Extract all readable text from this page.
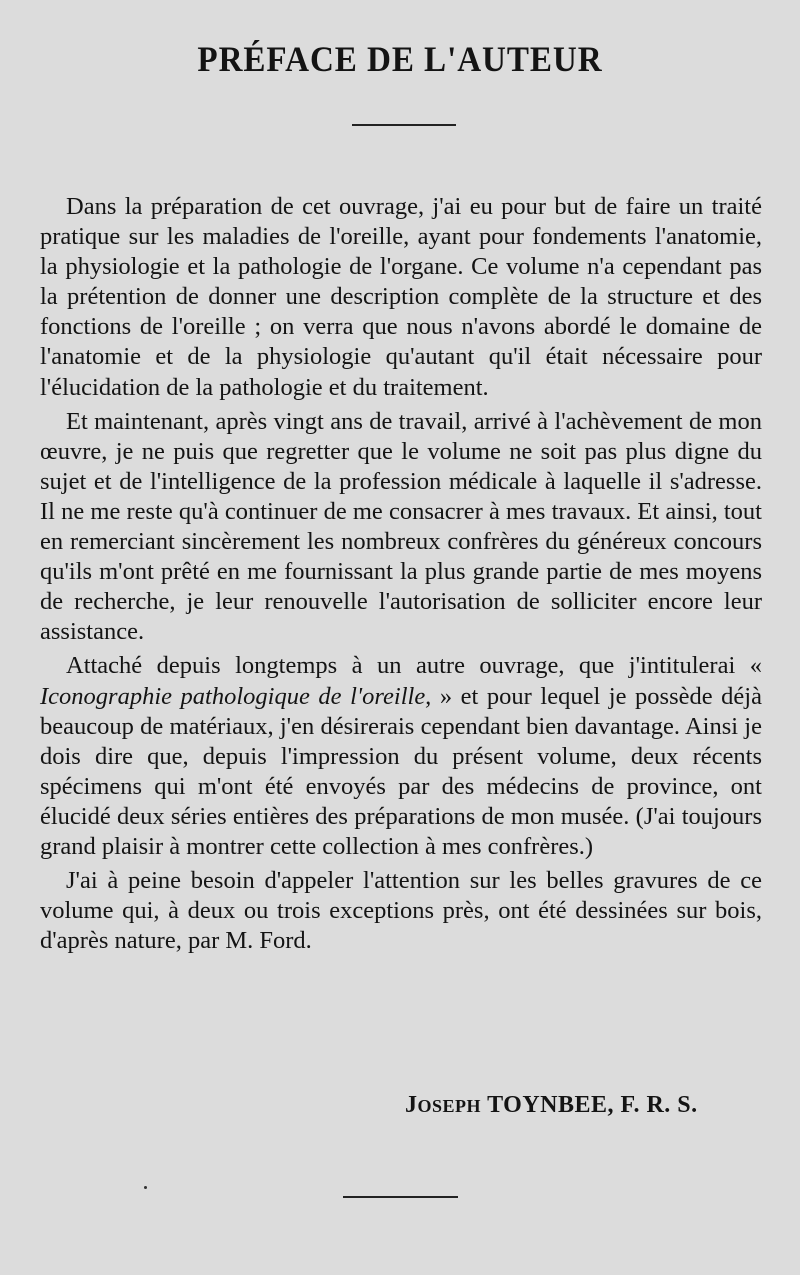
PRÉFACE DE L'AUTEUR

Dans la préparation de cet ouvrage, j'ai eu pour but de faire un traité pratique sur les maladies de l'oreille, ayant pour fondements l'anatomie, la physiologie et la pathologie de l'organe. Ce volume n'a cependant pas la prétention de donner une description complète de la structure et des fonctions de l'oreille ; on verra que nous n'avons abordé le domaine de l'anatomie et de la physiologie qu'autant qu'il était nécessaire pour l'élucidation de la pathologie et du traitement.

Et maintenant, après vingt ans de travail, arrivé à l'achèvement de mon œuvre, je ne puis que regretter que le volume ne soit pas plus digne du sujet et de l'intelligence de la profession médicale à laquelle il s'adresse. Il ne me reste qu'à continuer de me consacrer à mes travaux. Et ainsi, tout en remerciant sincèrement les nombreux confrères du généreux concours qu'ils m'ont prêté en me fournissant la plus grande partie de mes moyens de recherche, je leur renouvelle l'autorisation de solliciter encore leur assistance.

Attaché depuis longtemps à un autre ouvrage, que j'intitulerai « Iconographie pathologique de l'oreille, » et pour lequel je possède déjà beaucoup de matériaux, j'en désirerais cependant bien davantage. Ainsi je dois dire que, depuis l'impression du présent volume, deux récents spécimens qui m'ont été envoyés par des médecins de province, ont élucidé deux séries entières des préparations de mon musée. (J'ai toujours grand plaisir à montrer cette collection à mes confrères.)

J'ai à peine besoin d'appeler l'attention sur les belles gravures de ce volume qui, à deux ou trois exceptions près, ont été dessinées sur bois, d'après nature, par M. Ford.

JOSEPH TOYNBEE, F. R. S.
